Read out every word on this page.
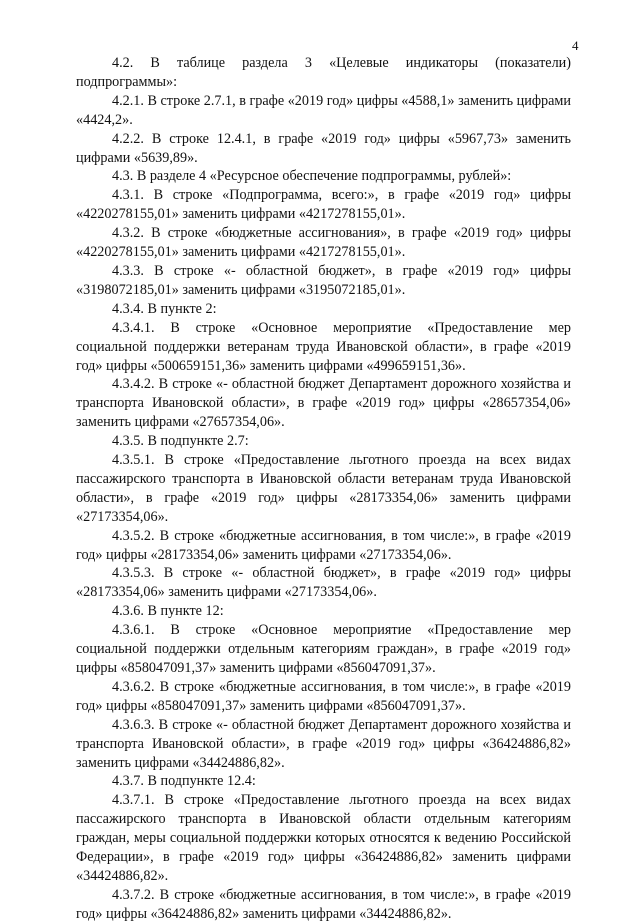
4

4.2. В таблице раздела 3 «Целевые индикаторы (показатели) подпрограммы»:

4.2.1. В строке 2.7.1, в графе «2019 год» цифры «4588,1» заменить цифрами «4424,2».

4.2.2. В строке 12.4.1, в графе «2019 год» цифры «5967,73» заменить цифрами «5639,89».

4.3. В разделе 4 «Ресурсное обеспечение подпрограммы, рублей»:

4.3.1. В строке «Подпрограмма, всего:», в графе «2019 год» цифры «4220278155,01» заменить цифрами «4217278155,01».

4.3.2. В строке «бюджетные ассигнования», в графе «2019 год» цифры «4220278155,01» заменить цифрами «4217278155,01».

4.3.3. В строке «- областной бюджет», в графе «2019 год» цифры «3198072185,01» заменить цифрами «3195072185,01».

4.3.4. В пункте 2:

4.3.4.1. В строке «Основное мероприятие «Предоставление мер социальной поддержки ветеранам труда Ивановской области», в графе «2019 год» цифры «500659151,36» заменить цифрами «499659151,36».

4.3.4.2. В строке «- областной бюджет Департамент дорожного хозяйства и транспорта Ивановской области», в графе «2019 год» цифры «28657354,06» заменить цифрами «27657354,06».

4.3.5. В подпункте 2.7:

4.3.5.1. В строке «Предоставление льготного проезда на всех видах пассажирского транспорта в Ивановской области ветеранам труда Ивановской области», в графе «2019 год» цифры «28173354,06» заменить цифрами «27173354,06».

4.3.5.2. В строке «бюджетные ассигнования, в том числе:», в графе «2019 год» цифры «28173354,06» заменить цифрами «27173354,06».

4.3.5.3. В строке «- областной бюджет», в графе «2019 год» цифры «28173354,06» заменить цифрами «27173354,06».

4.3.6. В пункте 12:

4.3.6.1. В строке «Основное мероприятие «Предоставление мер социальной поддержки отдельным категориям граждан», в графе «2019 год» цифры «858047091,37» заменить цифрами «856047091,37».

4.3.6.2. В строке «бюджетные ассигнования, в том числе:», в графе «2019 год» цифры «858047091,37» заменить цифрами «856047091,37».

4.3.6.3. В строке «- областной бюджет Департамент дорожного хозяйства и транспорта Ивановской области», в графе «2019 год» цифры «36424886,82» заменить цифрами «34424886,82».

4.3.7. В подпункте 12.4:

4.3.7.1. В строке «Предоставление льготного проезда на всех видах пассажирского транспорта в Ивановской области отдельным категориям граждан, меры социальной поддержки которых относятся к ведению Российской Федерации», в графе «2019 год» цифры «36424886,82» заменить цифрами «34424886,82».

4.3.7.2. В строке «бюджетные ассигнования, в том числе:», в графе «2019 год» цифры «36424886,82» заменить цифрами «34424886,82».
